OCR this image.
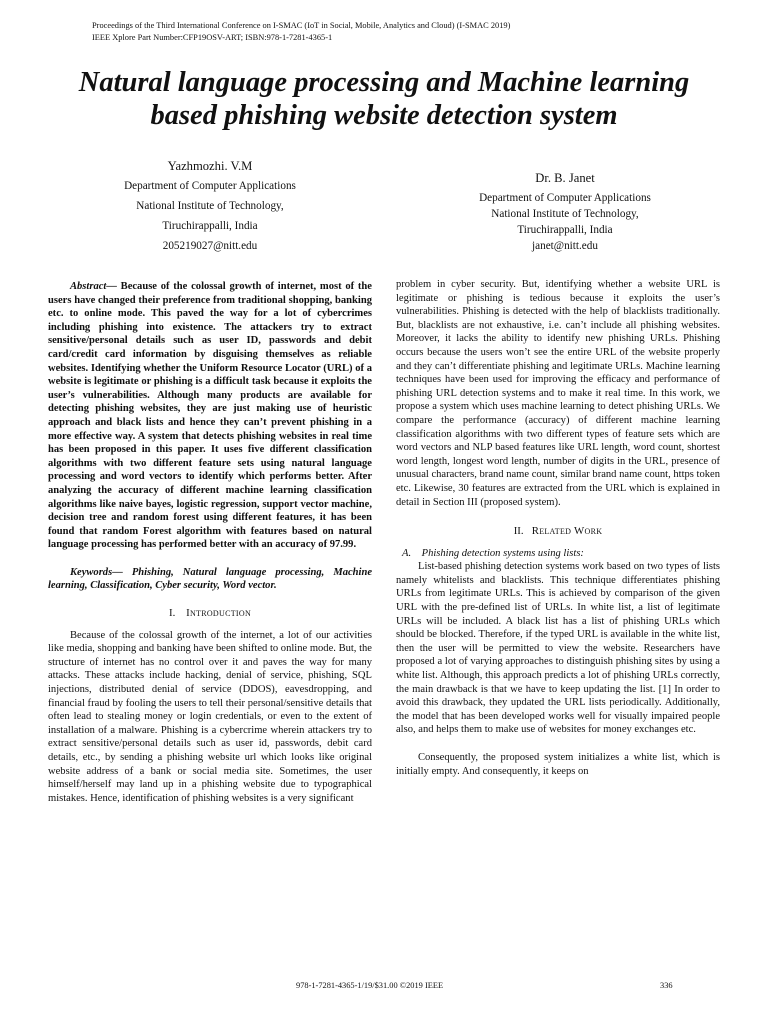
Proceedings of the Third International Conference on I-SMAC (IoT in Social, Mobile, Analytics and Cloud) (I-SMAC 2019)
IEEE Xplore Part Number:CFP19OSV-ART; ISBN:978-1-7281-4365-1
Natural language processing and Machine learning
based phishing website detection system
Yazhmozhi. V.M
Department of Computer Applications
National Institute of Technology,
Tiruchirappalli, India
205219027@nitt.edu
Dr. B. Janet
Department of Computer Applications
National Institute of Technology,
Tiruchirappalli, India
janet@nitt.edu

Abstract— Because of the colossal growth of internet, most of the users have changed their preference from traditional shopping, banking etc. to online mode. This paved the way for a lot of cybercrimes including phishing into existence. The attackers try to extract sensitive/personal details such as user ID, passwords and debit card/credit card information by disguising themselves as reliable websites. Identifying whether the Uniform Resource Locator (URL) of a website is legitimate or phishing is a difficult task because it exploits the user’s vulnerabilities. Although many products are available for detecting phishing websites, they are just making use of heuristic approach and black lists and hence they can’t prevent phishing in a more effective way. A system that detects phishing websites in real time has been proposed in this paper. It uses five different classification algorithms with two different feature sets using natural language processing and word vectors to identify which performs better. After analyzing the accuracy of different machine learning classification algorithms like naive bayes, logistic regression, support vector machine, decision tree and random forest using different features, it has been found that random Forest algorithm with features based on natural language processing has performed better with an accuracy of 97.99.

Keywords— Phishing, Natural language processing, Machine learning, Classification, Cyber security, Word vector.

I. Introduction

Because of the colossal growth of the internet, a lot of our activities like media, shopping and banking have been shifted to online mode. But, the structure of internet has no control over it and paves the way for many attacks. These attacks include hacking, denial of service, phishing, SQL injections, distributed denial of service (DDOS), eavesdropping, and financial fraud by fooling the users to tell their personal/sensitive details that often lead to stealing money or login credentials, or even to the extent of installation of a malware. Phishing is a cybercrime wherein attackers try to extract sensitive/personal details such as user id, passwords, debit card details, etc., by sending a phishing website url which looks like original website address of a bank or social media site. Sometimes, the user himself/herself may land up in a phishing website due to typographical mistakes. Hence, identification of phishing websites is a very significant

problem in cyber security. But, identifying whether a website URL is legitimate or phishing is tedious because it exploits the user’s vulnerabilities. Phishing is detected with the help of blacklists traditionally. But, blacklists are not exhaustive, i.e. can’t include all phishing websites. Moreover, it lacks the ability to identify new phishing URLs. Phishing occurs because the users won’t see the entire URL of the website properly and they can’t differentiate phishing and legitimate URLs. Machine learning techniques have been used for improving the efficacy and performance of phishing URL detection systems and to make it real time. In this work, we propose a system which uses machine learning to detect phishing URLs. We compare the performance (accuracy) of different machine learning classification algorithms with two different types of feature sets which are word vectors and NLP based features like URL length, word count, shortest word length, longest word length, number of digits in the URL, presence of unusual characters, brand name count, similar brand name count, https token etc. Likewise, 30 features are extracted from the URL which is explained in detail in Section III (proposed system).

II. Related Work

A. Phishing detection systems using lists:

List-based phishing detection systems work based on two types of lists namely whitelists and blacklists. This technique differentiates phishing URLs from legitimate URLs. This is achieved by comparison of the given URL with the pre-defined list of URLs. In white list, a list of legitimate URLs will be included. A black list has a list of phishing URLs which should be blocked. Therefore, if the typed URL is available in the white list, then the user will be permitted to view the website. Researchers have proposed a lot of varying approaches to distinguish phishing sites by using a white list. Although, this approach predicts a lot of phishing URLs correctly, the main drawback is that we have to keep updating the list. [1] In order to avoid this drawback, they updated the URL lists periodically. Additionally, the model that has been developed works well for visually impaired people also, and helps them to make use of websites for money exchanges etc.

Consequently, the proposed system initializes a white list, which is initially empty. And consequently, it keeps on

978-1-7281-4365-1/19/$31.00 ©2019 IEEE	336
